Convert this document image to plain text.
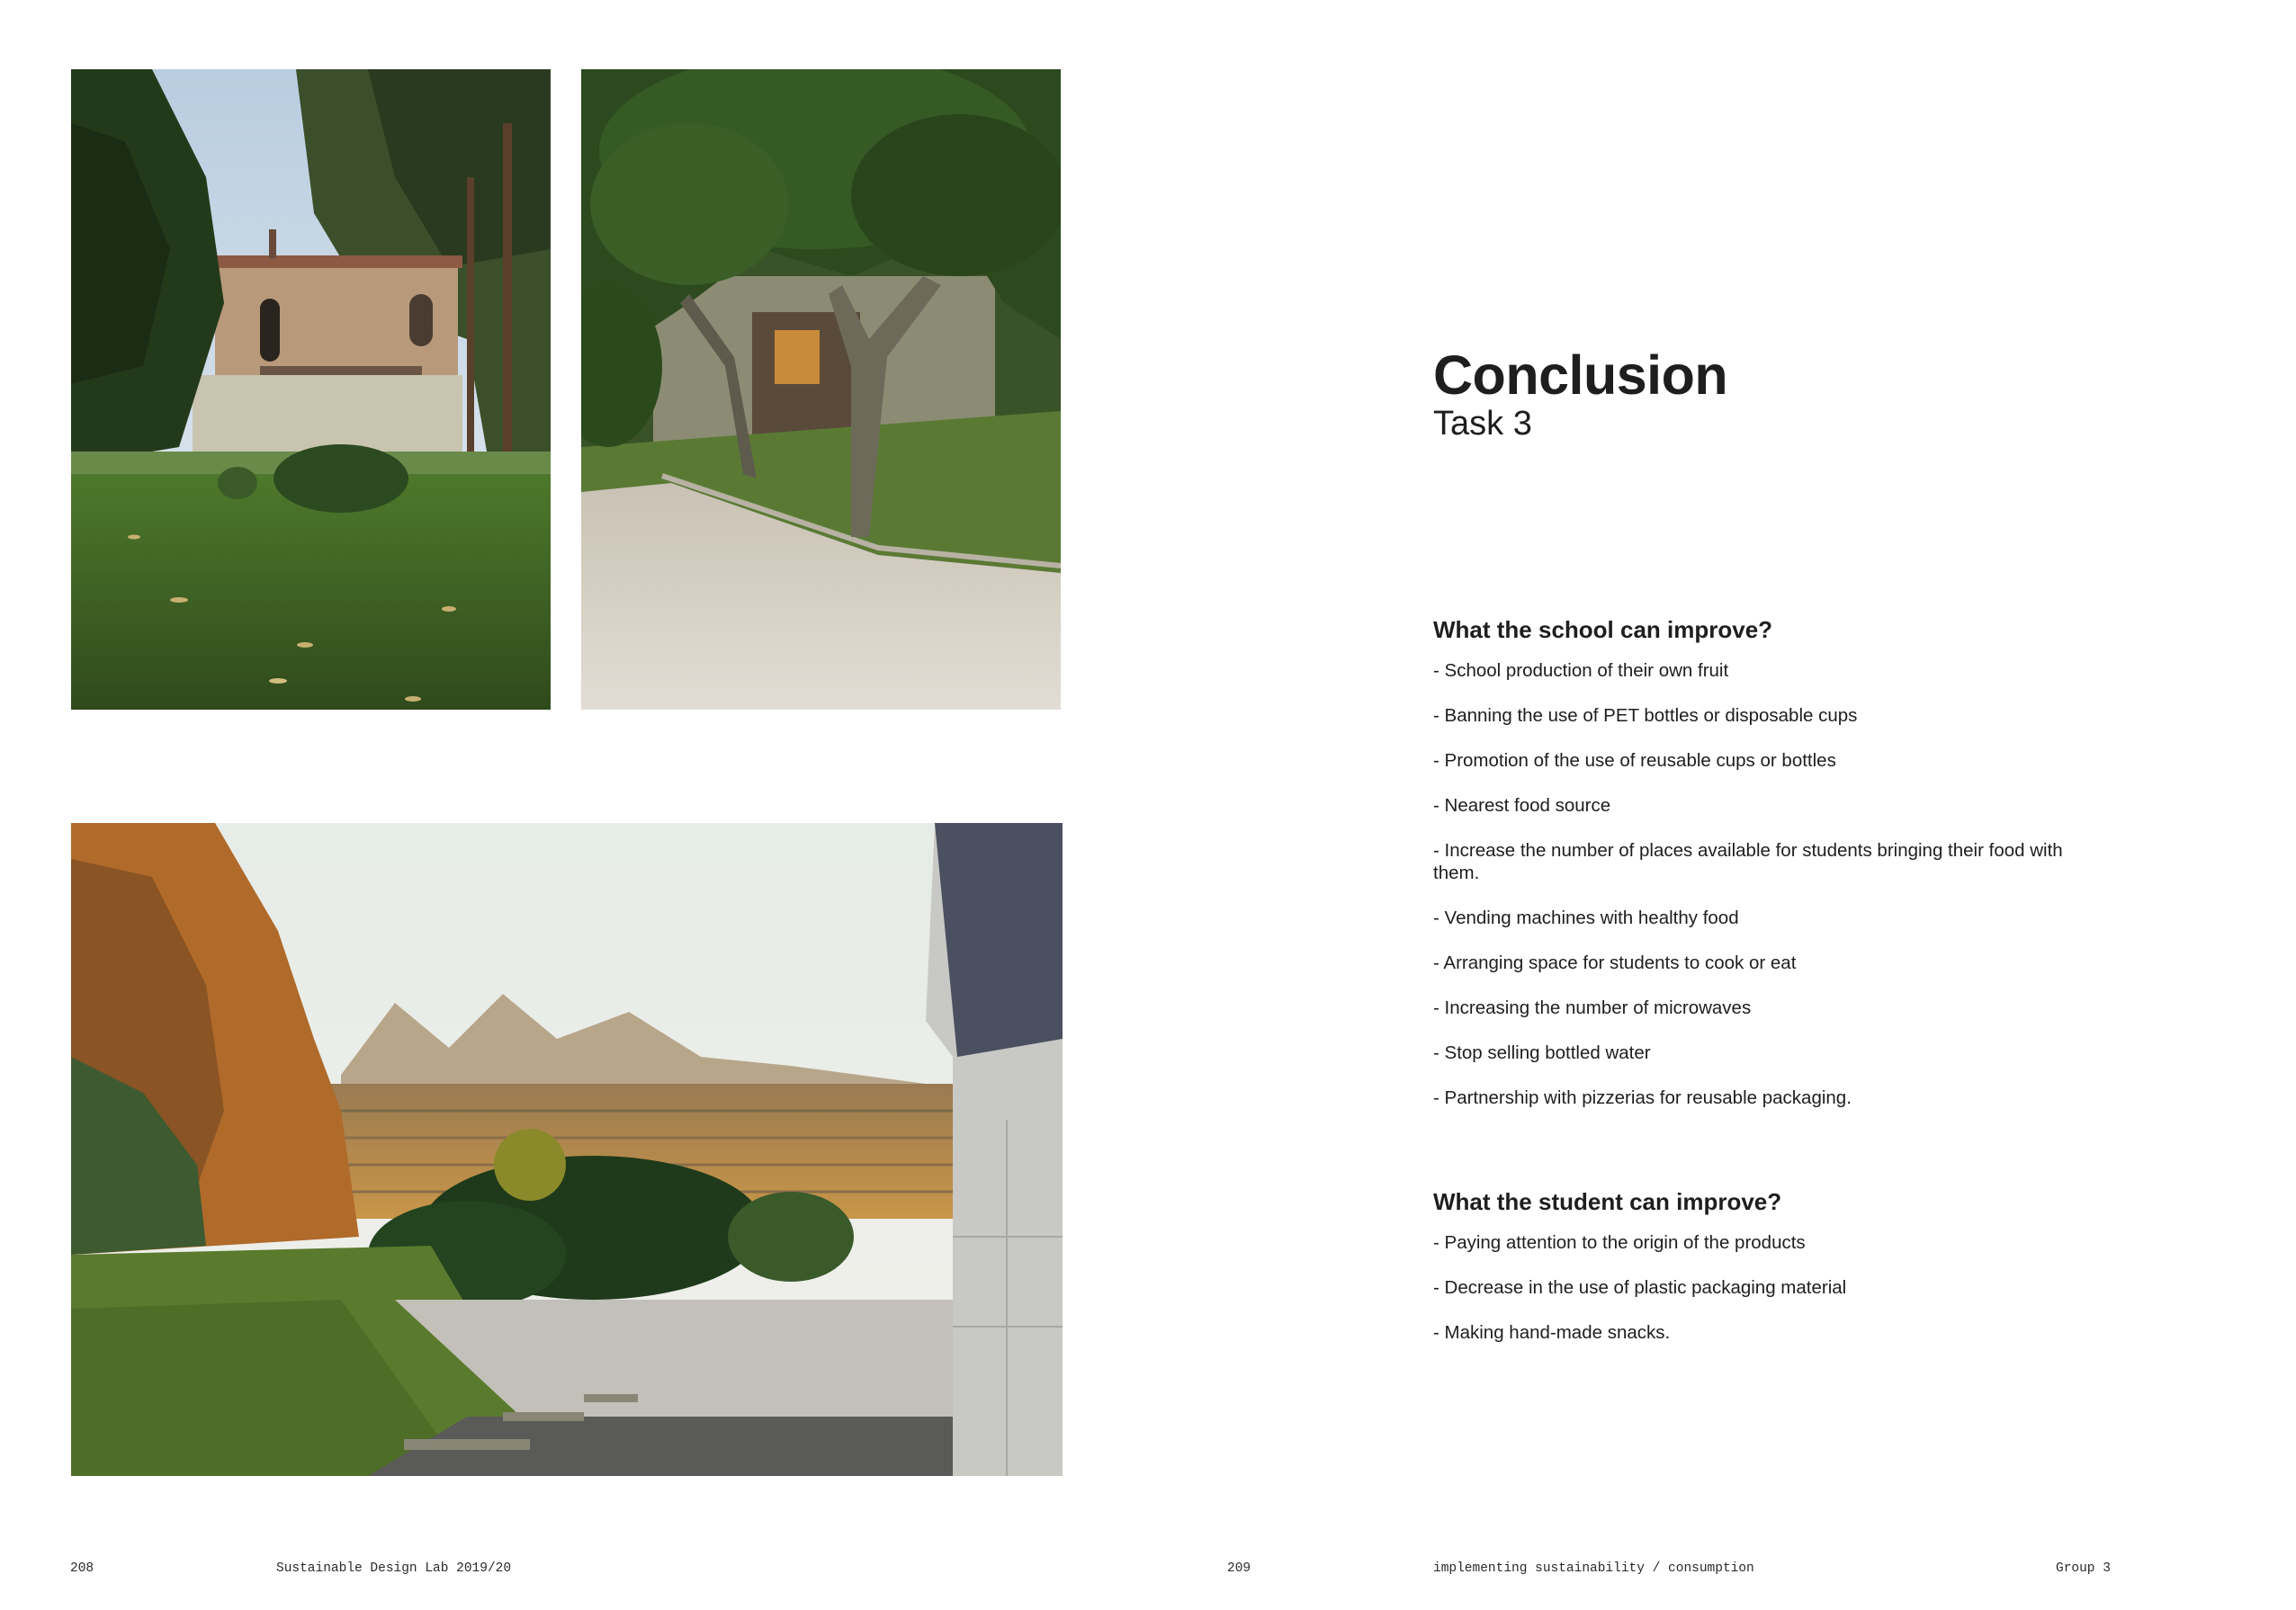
Conclusion

Task 3

What the school can improve?
- School production of their own fruit
- Banning the use of PET bottles or disposable cups
- Promotion of the use of reusable cups or bottles
- Nearest food source
- Increase the number of places available for students bringing their food with them.
- Vending machines with healthy food
- Arranging space for students to cook or eat
- Increasing the number of microwaves
- Stop selling bottled water
- Partnership with pizzerias for reusable packaging.
What the student can improve?
- Paying attention to the origin of the products
- Decrease in the use of plastic packaging material
- Making hand-made snacks.
208	Sustainable Design Lab 2019/20	209	implementing sustainability / consumption	Group 3
